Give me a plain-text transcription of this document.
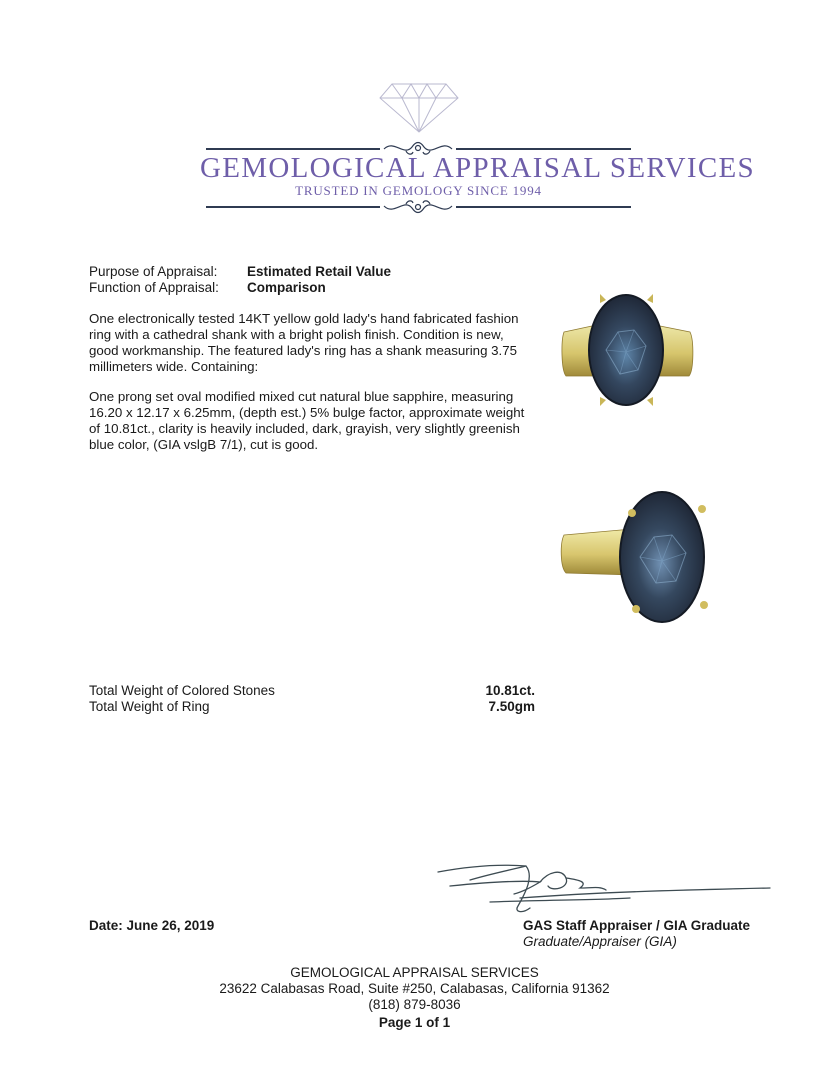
GEMOLOGICAL APPRAISAL SERVICES
TRUSTED IN GEMOLOGY SINCE 1994
Purpose of Appraisal: Estimated Retail Value
Function of Appraisal: Comparison
One electronically tested 14KT yellow gold lady's hand fabricated fashion ring with a cathedral shank with a bright polish finish. Condition is new, good workmanship. The featured lady's ring has a shank measuring 3.75 millimeters wide. Containing:
One prong set oval modified mixed cut natural blue sapphire, measuring 16.20 x 12.17 x 6.25mm, (depth est.) 5% bulge factor, approximate weight of 10.81ct., clarity is heavily included, dark, grayish, very slightly greenish blue color, (GIA vslgB 7/1), cut is good.
Total Weight of Colored Stones	10.81ct.
Total Weight of Ring	7.50gm
Date: June 26, 2019	GAS Staff Appraiser / GIA Graduate
Graduate/Appraiser (GIA)
GEMOLOGICAL APPRAISAL SERVICES
23622 Calabasas Road, Suite #250, Calabasas, California 91362
(818) 879-8036
Page 1 of 1
